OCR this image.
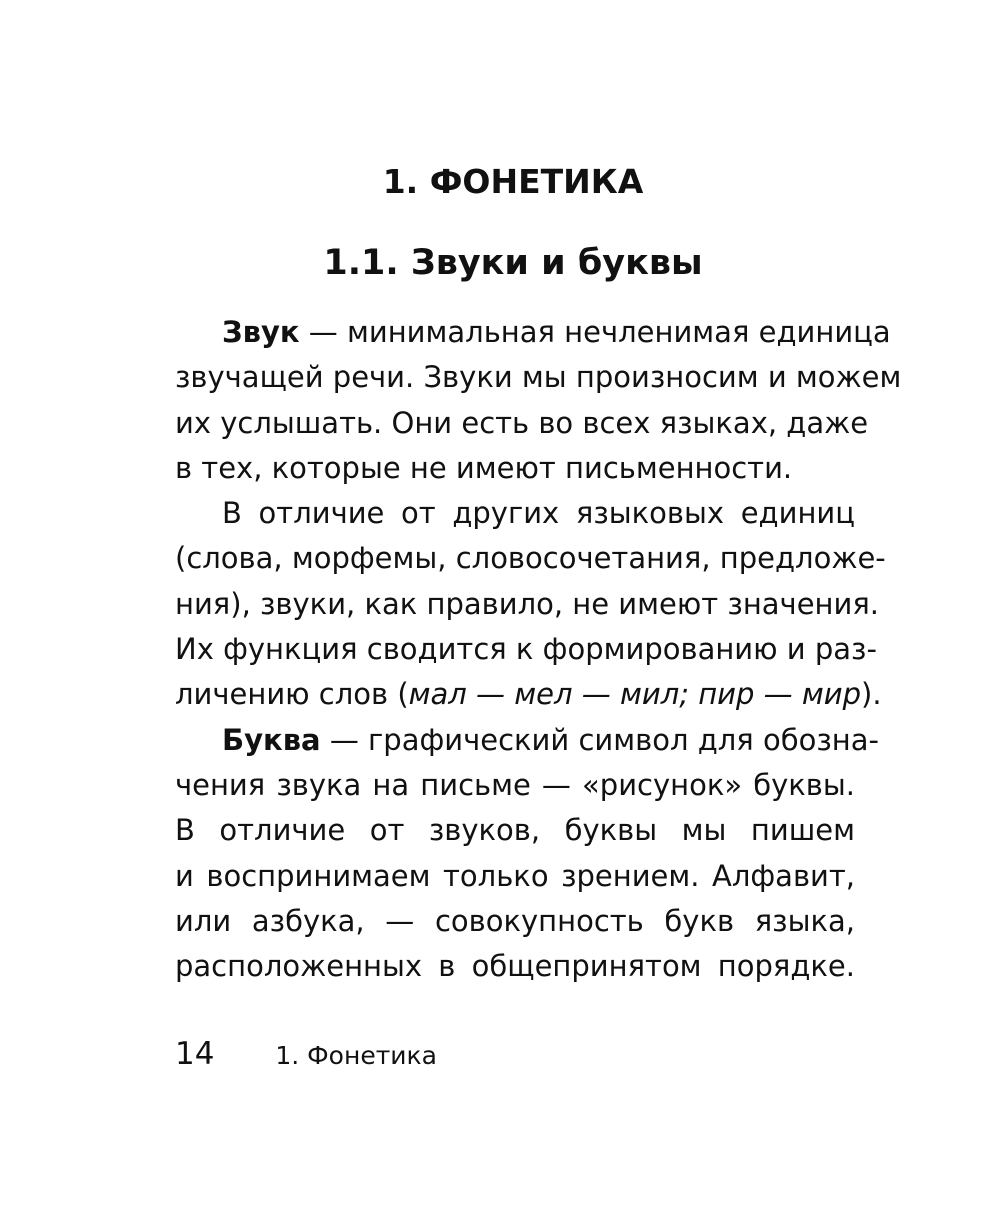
1. ФОНЕТИКА
1.1. Звуки и буквы
Звук — минимальная нечленимая единица
звучащей речи. Звуки мы произносим и можем
их услышать. Они есть во всех языках, даже
в тех, которые не имеют письменности.
В отличие от других языковых единиц
(слова, морфемы, словосочетания, предложе-
ния), звуки, как правило, не имеют значения.
Их функция сводится к формированию и раз-
личению слов (мал — мел — мил; пир — мир).
Буква — графический символ для обозна-
чения звука на письме — «рисунок» буквы.
В отличие от звуков, буквы мы пишем
и воспринимаем только зрением. Алфавит,
или азбука, — совокупность букв языка,
расположенных в общепринятом порядке.
14 1. Фонетика
